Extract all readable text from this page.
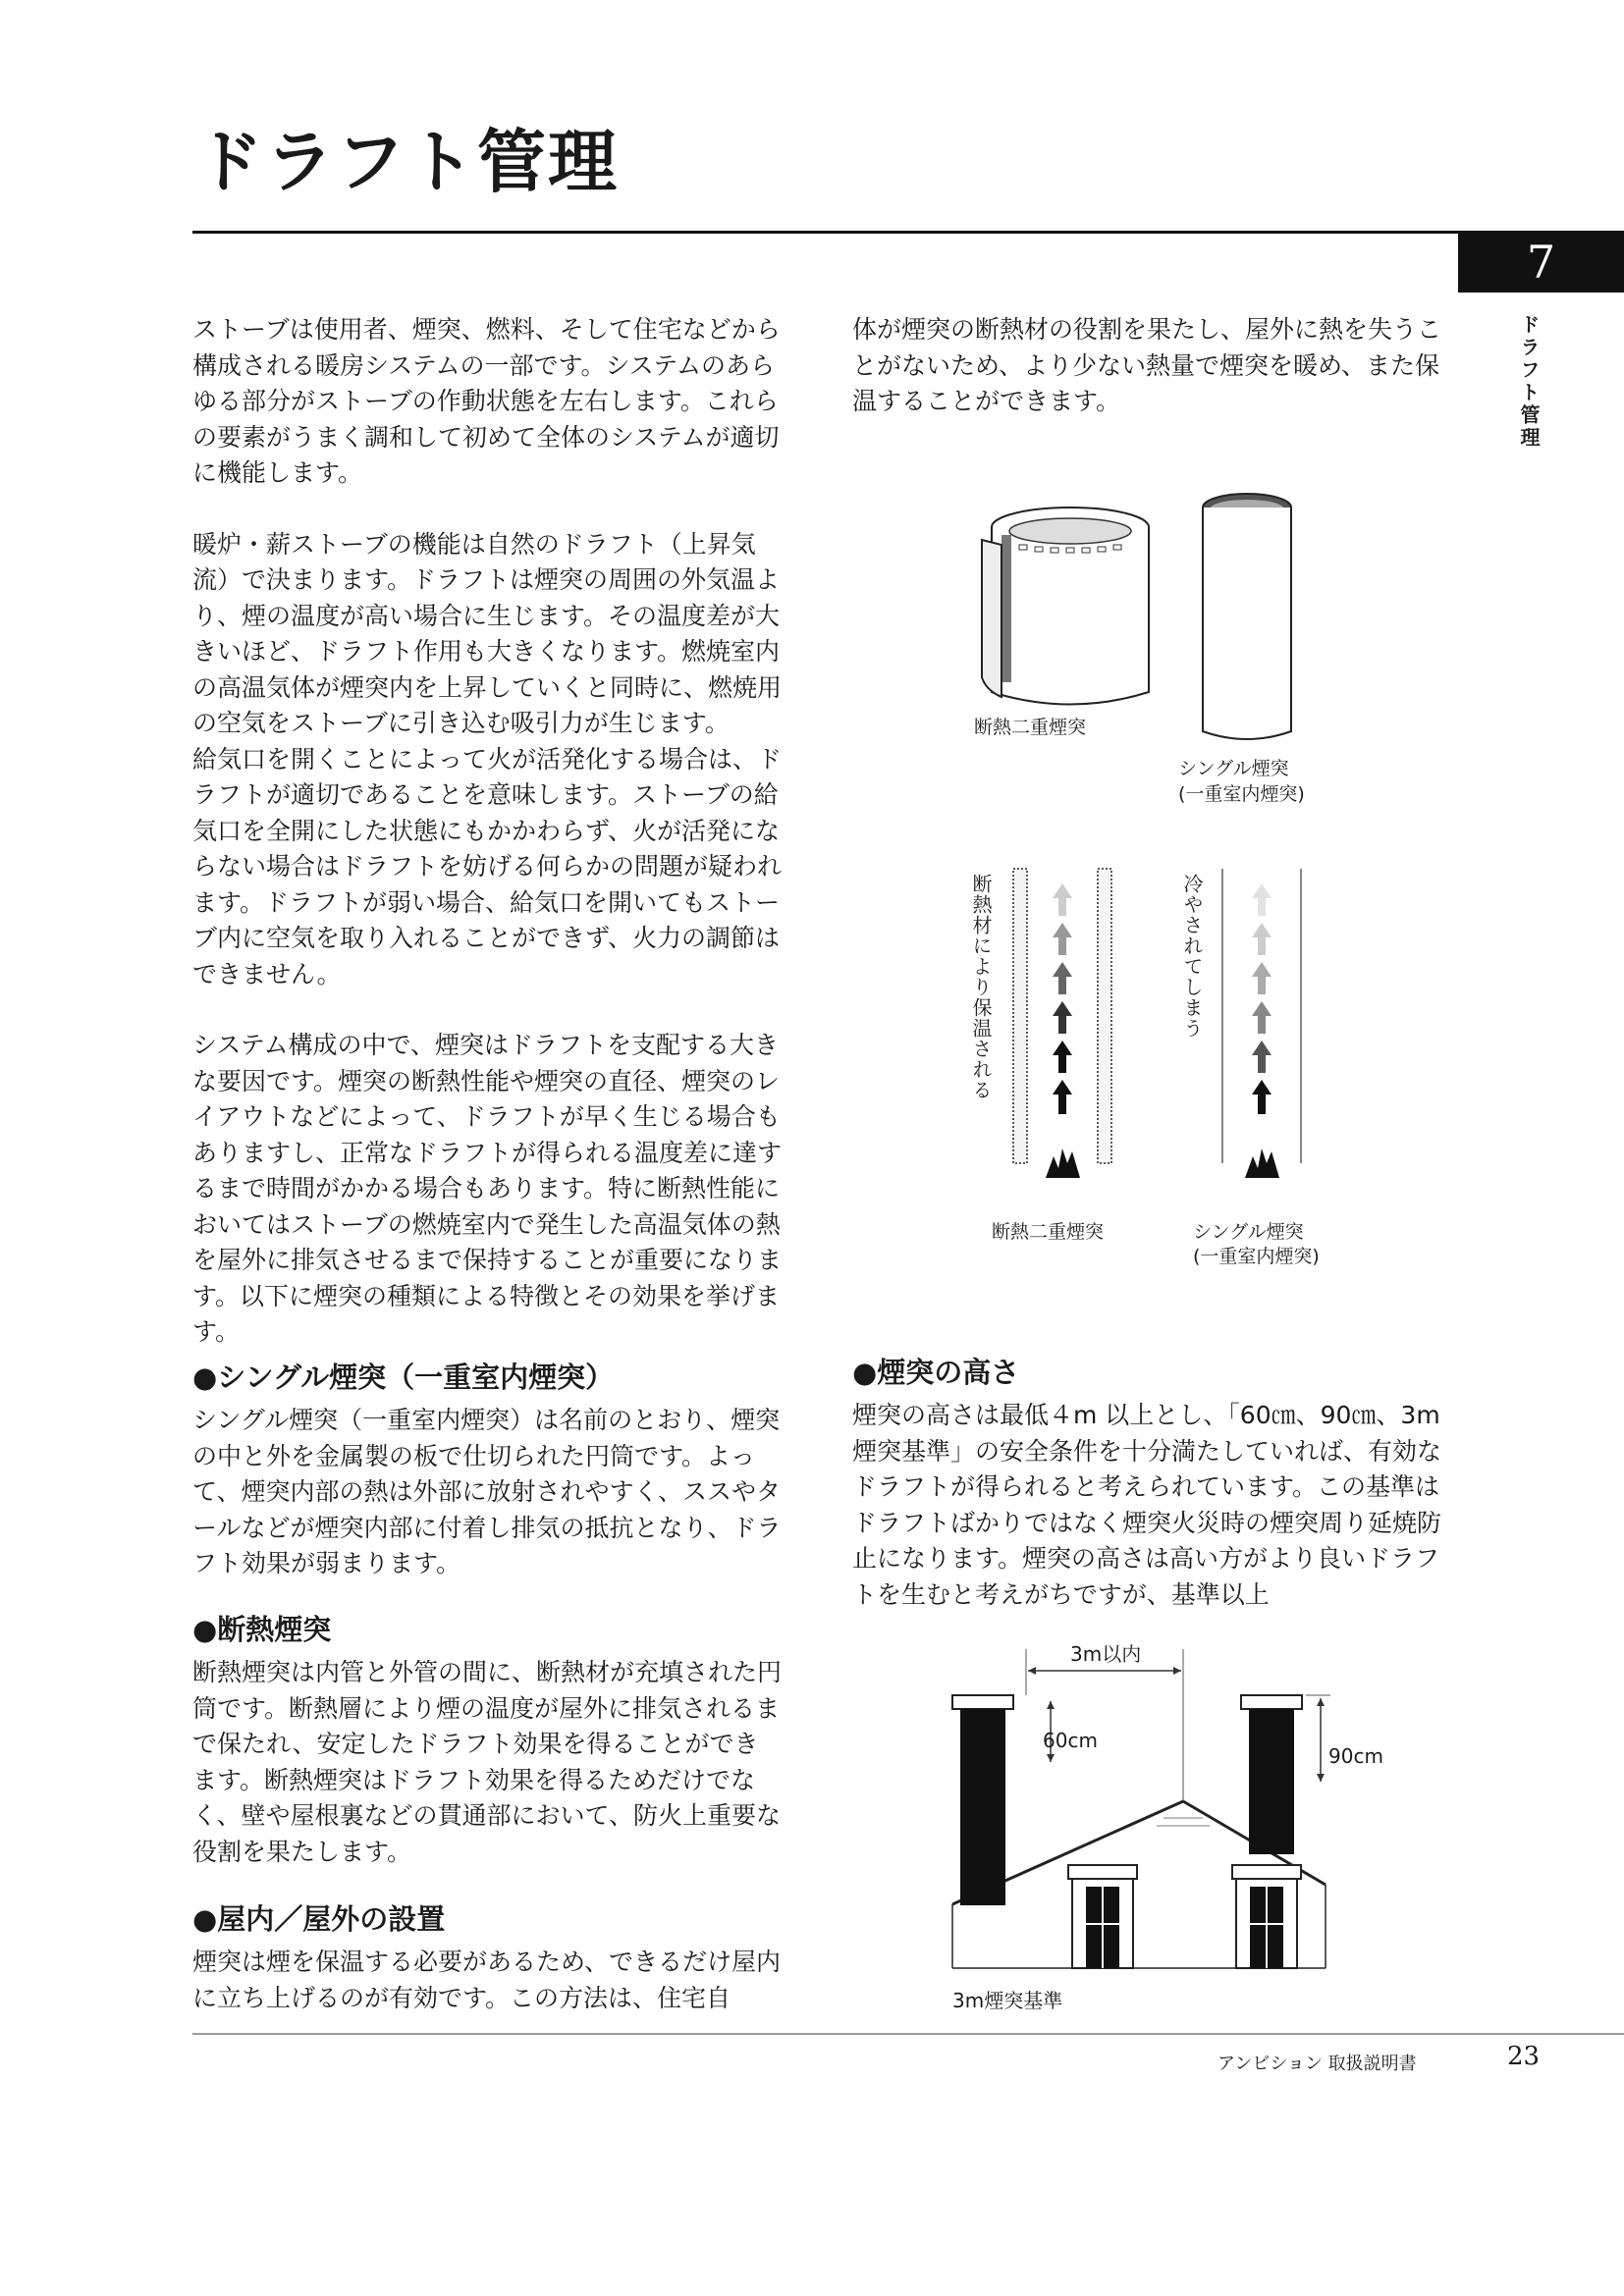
ドラフト管理
7
ドラフト管理

ストーブは使用者、煙突、燃料、そして住宅などから構成される暖房システムの一部です。システムのあらゆる部分がストーブの作動状態を左右します。これらの要素がうまく調和して初めて全体のシステムが適切に機能します。

暖炉・薪ストーブの機能は自然のドラフト（上昇気流）で決まります。ドラフトは煙突の周囲の外気温より、煙の温度が高い場合に生じます。その温度差が大きいほど、ドラフト作用も大きくなります。燃焼室内の高温気体が煙突内を上昇していくと同時に、燃焼用の空気をストーブに引き込む吸引力が生じます。

給気口を開くことによって火が活発化する場合は、ドラフトが適切であることを意味します。ストーブの給気口を全開にした状態にもかかわらず、火が活発にならない場合はドラフトを妨げる何らかの問題が疑われます。ドラフトが弱い場合、給気口を開いてもストーブ内に空気を取り入れることができず、火力の調節はできません。

システム構成の中で、煙突はドラフトを支配する大きな要因です。煙突の断熱性能や煙突の直径、煙突のレイアウトなどによって、ドラフトが早く生じる場合もありますし、正常なドラフトが得られる温度差に達するまで時間がかかる場合もあります。特に断熱性能においてはストーブの燃焼室内で発生した高温気体の熱を屋外に排気させるまで保持することが重要になります。以下に煙突の種類による特徴とその効果を挙げます。

●シングル煙突（一重室内煙突）

シングル煙突（一重室内煙突）は名前のとおり、煙突の中と外を金属製の板で仕切られた円筒です。よって、煙突内部の熱は外部に放射されやすく、ススやタールなどが煙突内部に付着し排気の抵抗となり、ドラフト効果が弱まります。

●断熱煙突

断熱煙突は内管と外管の間に、断熱材が充填された円筒です。断熱層により煙の温度が屋外に排気されるまで保たれ、安定したドラフト効果を得ることができます。断熱煙突はドラフト効果を得るためだけでなく、壁や屋根裏などの貫通部において、防火上重要な役割を果たします。

●屋内／屋外の設置

煙突は煙を保温する必要があるため、できるだけ屋内に立ち上げるのが有効です。この方法は、住宅自

体が煙突の断熱材の役割を果たし、屋外に熱を失うことがないため、より少ない熱量で煙突を暖め、また保温することができます。

断熱二重煙突
シングル煙突
(一重室内煙突)
断熱材により保温される	冷やされてしまう
断熱二重煙突	シングル煙突
(一重室内煙突)
●煙突の高さ

煙突の高さは最低４m 以上とし、「60㎝、90㎝、3m 煙突基準」の安全条件を十分満たしていれば、有効なドラフトが得られると考えられています。この基準はドラフトばかりではなく煙突火災時の煙突周り延焼防止になります。煙突の高さは高い方がより良いドラフトを生むと考えがちですが、基準以上

3m以内
60cm
90cm
3m煙突基準
アンビション 取扱説明書	23
